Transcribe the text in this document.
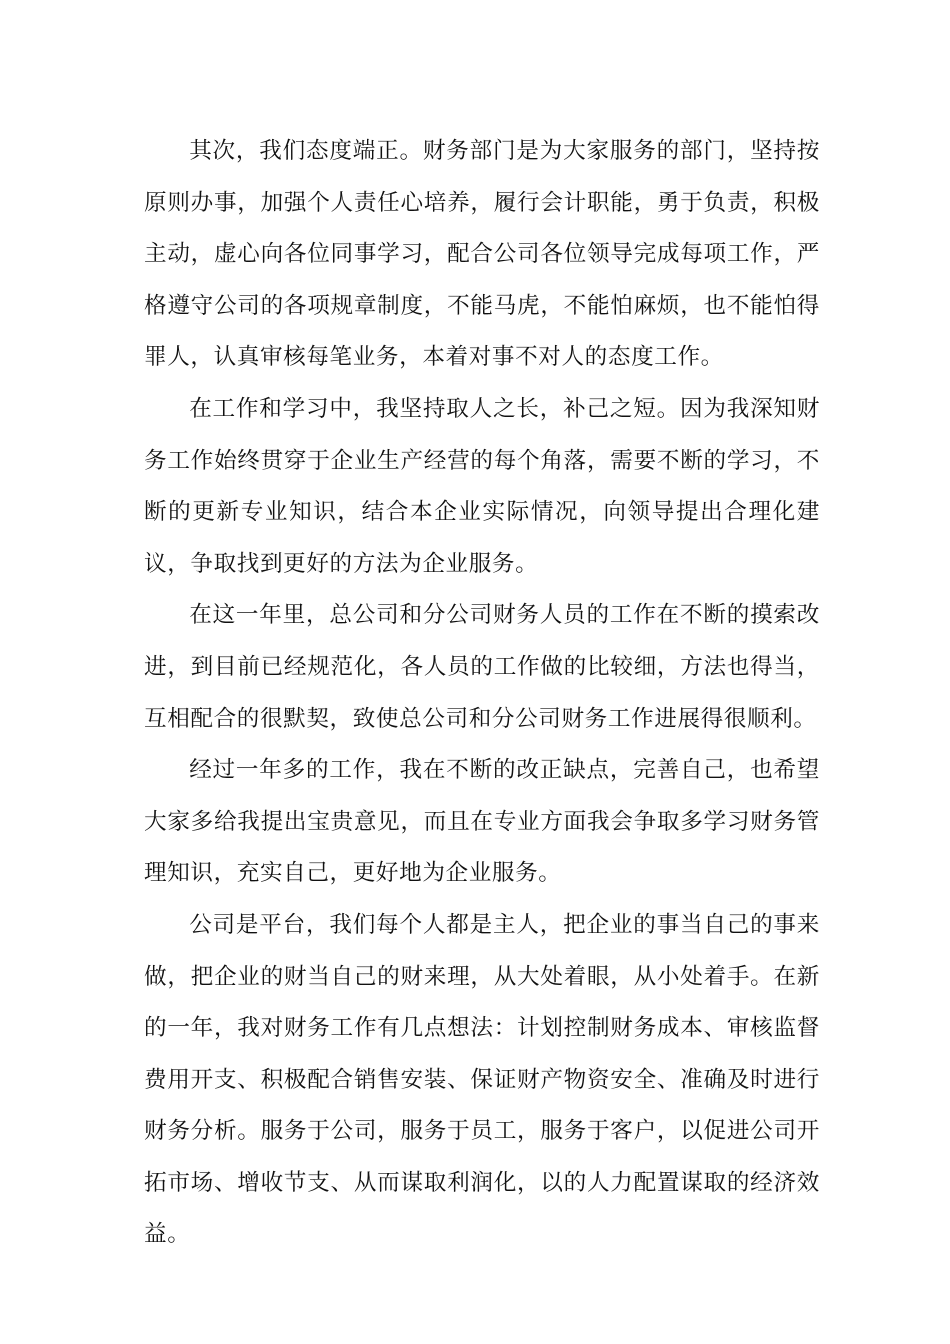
其次，我们态度端正。财务部门是为大家服务的部门，坚持按原则办事，加强个人责任心培养，履行会计职能，勇于负责，积极主动，虚心向各位同事学习，配合公司各位领导完成每项工作，严格遵守公司的各项规章制度，不能马虎，不能怕麻烦，也不能怕得罪人，认真审核每笔业务，本着对事不对人的态度工作。

在工作和学习中，我坚持取人之长，补己之短。因为我深知财务工作始终贯穿于企业生产经营的每个角落，需要不断的学习，不断的更新专业知识，结合本企业实际情况，向领导提出合理化建议，争取找到更好的方法为企业服务。

在这一年里，总公司和分公司财务人员的工作在不断的摸索改进，到目前已经规范化，各人员的工作做的比较细，方法也得当，互相配合的很默契，致使总公司和分公司财务工作进展得很顺利。

经过一年多的工作，我在不断的改正缺点，完善自己，也希望大家多给我提出宝贵意见，而且在专业方面我会争取多学习财务管理知识，充实自己，更好地为企业服务。

公司是平台，我们每个人都是主人，把企业的事当自己的事来做，把企业的财当自己的财来理，从大处着眼，从小处着手。在新的一年，我对财务工作有几点想法：计划控制财务成本、审核监督费用开支、积极配合销售安装、保证财产物资安全、准确及时进行财务分析。服务于公司，服务于员工，服务于客户，以促进公司开拓市场、增收节支、从而谋取利润化，以的人力配置谋取的经济效益。
